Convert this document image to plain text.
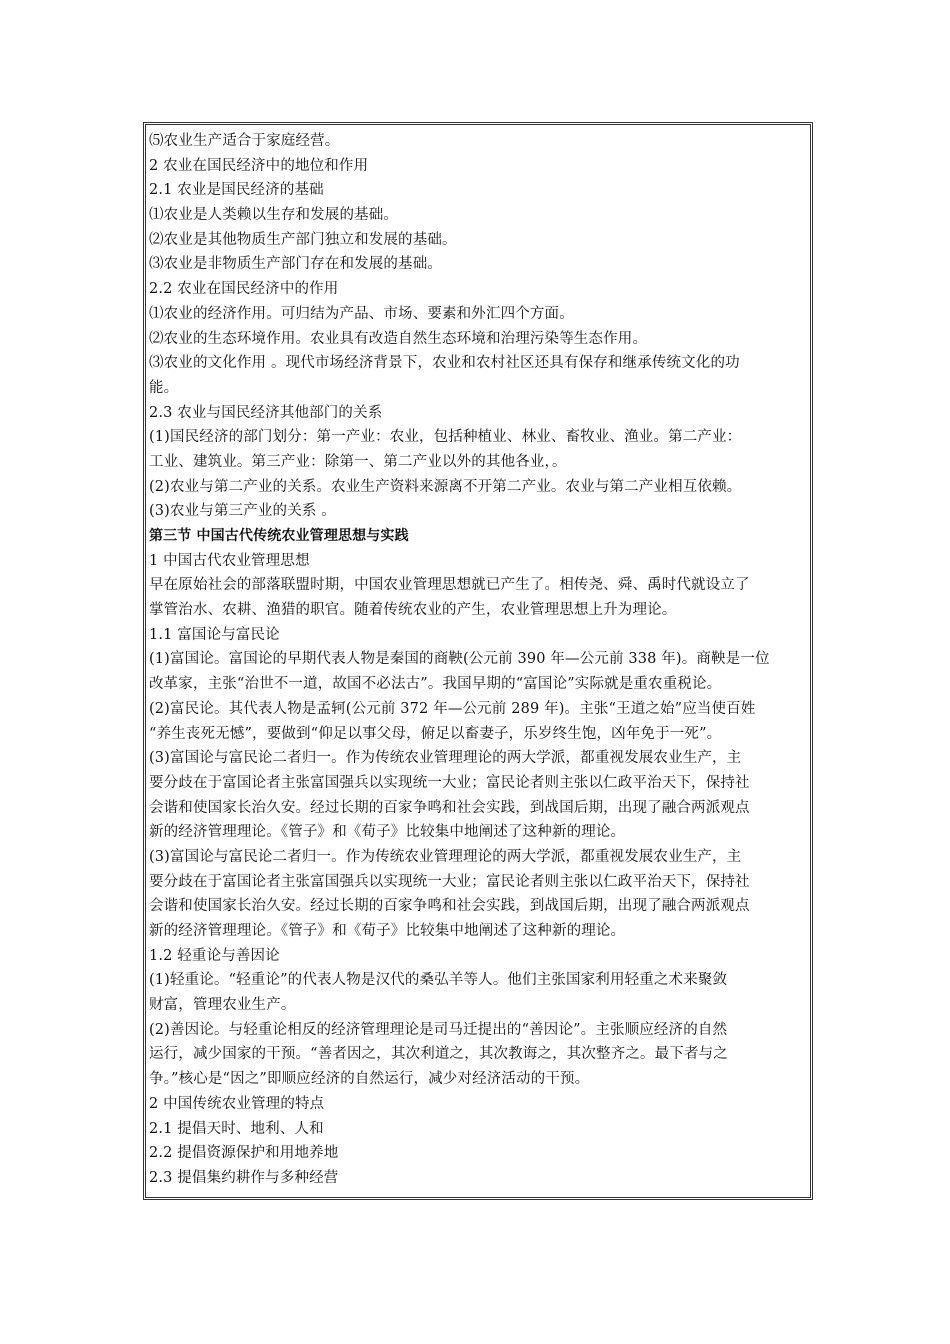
⑸农业生产适合于家庭经营。
2 农业在国民经济中的地位和作用
2.1 农业是国民经济的基础
⑴农业是人类赖以生存和发展的基础。
⑵农业是其他物质生产部门独立和发展的基础。
⑶农业是非物质生产部门存在和发展的基础。
2.2 农业在国民经济中的作用
⑴农业的经济作用。可归结为产品、市场、要素和外汇四个方面。
⑵农业的生态环境作用。农业具有改造自然生态环境和治理污染等生态作用。
⑶农业的文化作用 。现代市场经济背景下，农业和农村社区还具有保存和继承传统文化的功
能。
2.3 农业与国民经济其他部门的关系
(1)国民经济的部门划分：第一产业：农业，包括种植业、林业、畜牧业、渔业。第二产业：
工业、建筑业。第三产业：除第一、第二产业以外的其他各业，。
(2)农业与第二产业的关系。农业生产资料来源离不开第二产业。农业与第二产业相互依赖。
(3)农业与第三产业的关系 。
第三节 中国古代传统农业管理思想与实践
1 中国古代农业管理思想
早在原始社会的部落联盟时期，中国农业管理思想就已产生了。相传尧、舜、禹时代就设立了
掌管治水、农耕、渔猎的职官。随着传统农业的产生，农业管理思想上升为理论。
1.1 富国论与富民论
(1)富国论。富国论的早期代表人物是秦国的商鞅(公元前 390 年—公元前 338 年)。商鞅是一位
改革家，主张“治世不一道，故国不必法古”。我国早期的“富国论”实际就是重农重税论。
(2)富民论。其代表人物是孟轲(公元前 372 年—公元前 289 年)。主张“王道之始”应当使百姓
“养生丧死无憾”，要做到“仰足以事父母，俯足以畜妻子，乐岁终生饱，凶年免于一死”。
(3)富国论与富民论二者归一。作为传统农业管理理论的两大学派，都重视发展农业生产，主
要分歧在于富国论者主张富国强兵以实现统一大业；富民论者则主张以仁政平治天下，保持社
会谐和使国家长治久安。经过长期的百家争鸣和社会实践，到战国后期，出现了融合两派观点
新的经济管理理论。《管子》和《荀子》比较集中地阐述了这种新的理论。
(3)富国论与富民论二者归一。作为传统农业管理理论的两大学派，都重视发展农业生产，主
要分歧在于富国论者主张富国强兵以实现统一大业；富民论者则主张以仁政平治天下，保持社
会谐和使国家长治久安。经过长期的百家争鸣和社会实践，到战国后期，出现了融合两派观点
新的经济管理理论。《管子》和《荀子》比较集中地阐述了这种新的理论。
1.2 轻重论与善因论
(1)轻重论。“轻重论”的代表人物是汉代的桑弘羊等人。他们主张国家利用轻重之术来聚敛
财富，管理农业生产。
(2)善因论。与轻重论相反的经济管理理论是司马迁提出的“善因论”。主张顺应经济的自然
运行，减少国家的干预。“善者因之，其次利道之，其次教诲之，其次整齐之。最下者与之
争。”核心是“因之”即顺应经济的自然运行，减少对经济活动的干预。
2 中国传统农业管理的特点
2.1 提倡天时、地利、人和
2.2 提倡资源保护和用地养地
2.3 提倡集约耕作与多种经营
